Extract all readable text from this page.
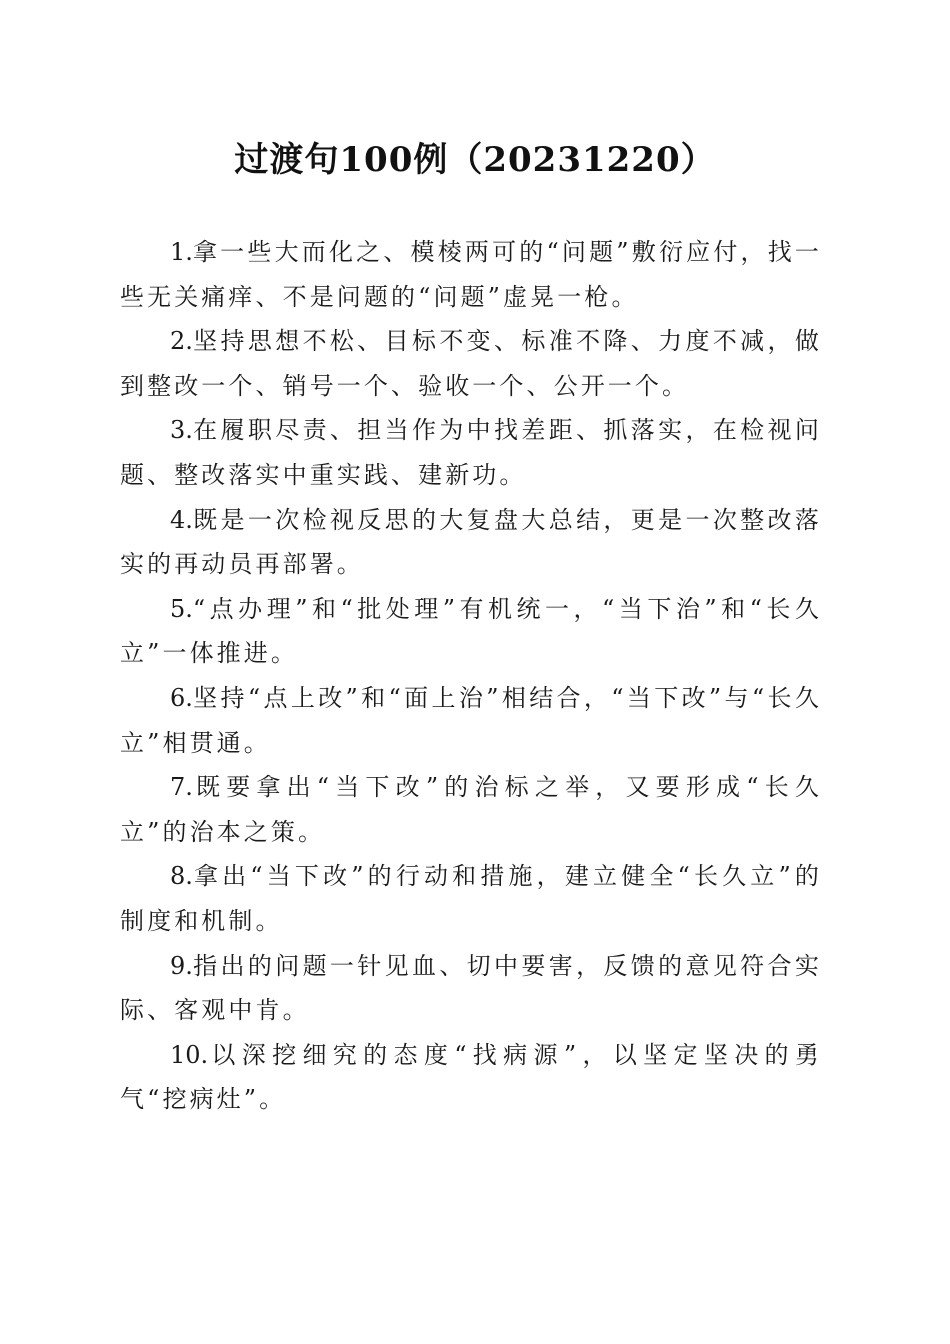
过渡句100例（20231220）

1.拿一些大而化之、模棱两可的“问题”敷衍应付，找一些无关痛痒、不是问题的“问题”虚晃一枪。

2.坚持思想不松、目标不变、标准不降、力度不减，做到整改一个、销号一个、验收一个、公开一个。

3.在履职尽责、担当作为中找差距、抓落实，在检视问题、整改落实中重实践、建新功。

4.既是一次检视反思的大复盘大总结，更是一次整改落实的再动员再部署。

5.“点办理”和“批处理”有机统一，“当下治”和“长久立”一体推进。

6.坚持“点上改”和“面上治”相结合，“当下改”与“长久立”相贯通。

7.既要拿出“当下改”的治标之举，又要形成“长久立”的治本之策。

8.拿出“当下改”的行动和措施，建立健全“长久立”的制度和机制。

9.指出的问题一针见血、切中要害，反馈的意见符合实际、客观中肯。

10.以深挖细究的态度“找病源”，以坚定坚决的勇气“挖病灶”。
